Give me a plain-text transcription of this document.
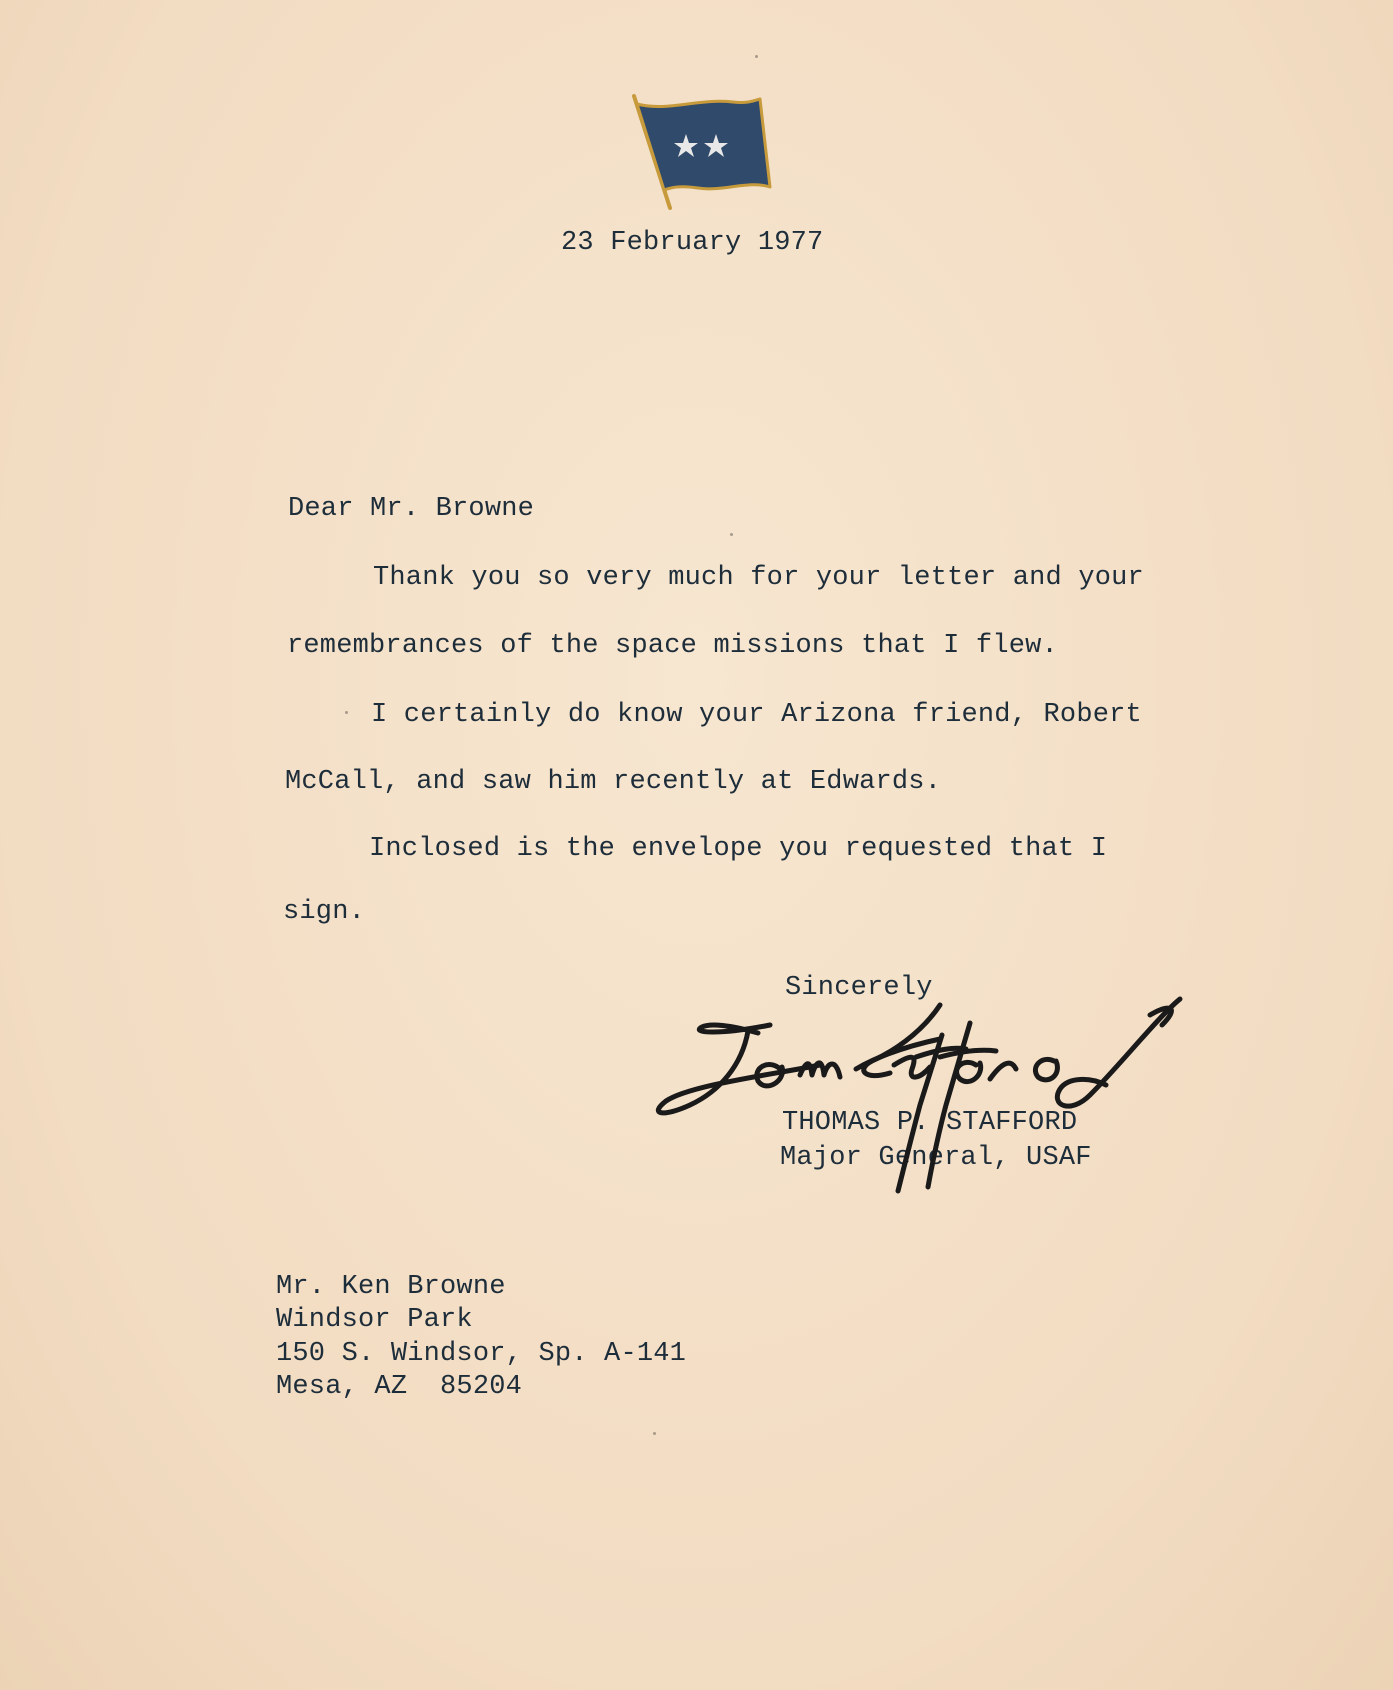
23 February 1977
Dear Mr. Browne
Thank you so very much for your letter and your
remembrances of the space missions that I flew.
I certainly do know your Arizona friend, Robert
McCall, and saw him recently at Edwards.
Inclosed is the envelope you requested that I
sign.
Sincerely
THOMAS P. STAFFORD
Major General, USAF
Mr. Ken Browne
Windsor Park
150 S. Windsor, Sp. A-141
Mesa, AZ  85204
